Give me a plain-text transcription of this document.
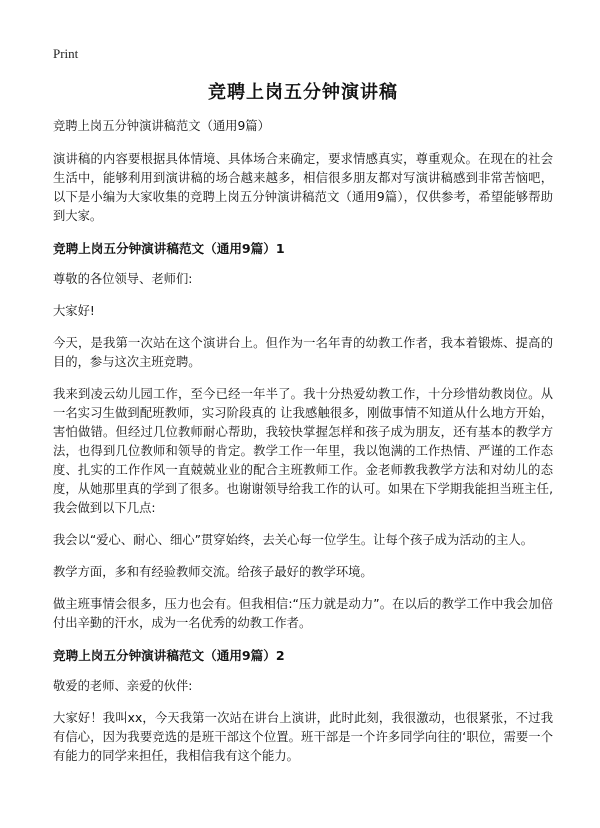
Print
竞聘上岗五分钟演讲稿

竞聘上岗五分钟演讲稿范文（通用9篇）

演讲稿的内容要根据具体情境、具体场合来确定，要求情感真实，尊重观众。在现在的社会生活中，能够利用到演讲稿的场合越来越多，相信很多朋友都对写演讲稿感到非常苦恼吧，以下是小编为大家收集的竞聘上岗五分钟演讲稿范文（通用9篇），仅供参考，希望能够帮助到大家。

竞聘上岗五分钟演讲稿范文（通用9篇）1

尊敬的各位领导、老师们:

大家好!

今天，是我第一次站在这个演讲台上。但作为一名年青的幼教工作者，我本着锻炼、提高的目的，参与这次主班竞聘。

我来到凌云幼儿园工作，至今已经一年半了。我十分热爱幼教工作，十分珍惜幼教岗位。从一名实习生做到配班教师，实习阶段真的 让我感触很多，刚做事情不知道从什么地方开始，害怕做错。但经过几位教师耐心帮助，我较快掌握怎样和孩子成为朋友，还有基本的教学方法，也得到几位教师和领导的肯定。教学工作一年里，我以饱满的工作热情、严谨的工作态度、扎实的工作作风一直兢兢业业的配合主班教师工作。金老师教我教学方法和对幼儿的态度，从她那里真的学到了很多。也谢谢领导给我工作的认可。如果在下学期我能担当班主任,我会做到以下几点:

我会以“爱心、耐心、细心”贯穿始终，去关心每一位学生。让每个孩子成为活动的主人。

教学方面，多和有经验教师交流。给孩子最好的教学环境。

做主班事情会很多，压力也会有。但我相信:“压力就是动力”。在以后的教学工作中我会加倍付出辛勤的汗水，成为一名优秀的幼教工作者。

竞聘上岗五分钟演讲稿范文（通用9篇）2

敬爱的老师、亲爱的伙伴:

大家好！我叫xx，今天我第一次站在讲台上演讲，此时此刻，我很激动，也很紧张，不过我有信心，因为我要竞选的是班干部这个位置。班干部是一个许多同学向往的‘职位，需要一个有能力的同学来担任，我相信我有这个能力。
